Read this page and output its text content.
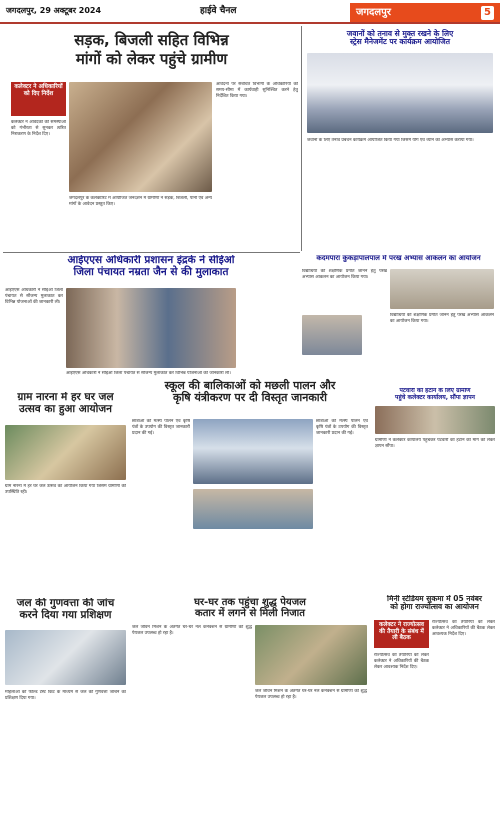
जगदलपुर, 29 अक्टूबर 2024	हाईवे चैनल	जगदलपुर	5
सड़क, बिजली सहित विभिन्न
मांगों को लेकर पहुंचे ग्रामीण
कलेक्टर ने अधिकारियों को दिए निर्देश
कलेक्टर ने आवेदकों की समस्याओं को गंभीरता से सुनकर त्वरित निराकरण के निर्देश दिए।
जगदलपुर के कलेक्टोरेट में आयोजित जनदर्शन में ग्रामीणों ने सड़क, बिजली, पानी एवं अन्य मांगों के आवेदन प्रस्तुत किए।
आवेदनों पर संबंधित विभागों के अधिकारियों को समय-सीमा में कार्यवाही सुनिश्चित करने हेतु निर्देशित किया गया।
जवानों को तनाव से मुक्त रखने के लिए
स्ट्रेस मैनेजमेंट पर कार्यक्रम आयोजित
जवानों के लिए तनाव प्रबंधन कार्यक्रम आयोजित किया गया जिसमें योग एवं ध्यान का अभ्यास कराया गया।
आईएएस अधिकारी प्रशासन इंद्रके ने सीईओ
जिला पंचायत नम्रता जैन से की मुलाकात
आईएएस अधिकारी ने सीईओ जिला पंचायत से सौजन्य मुलाकात कर विभिन्न योजनाओं की जानकारी ली।
आईएएस अधिकारी ने सीईओ जिला पंचायत से सौजन्य मुलाकात कर विभिन्न योजनाओं की जानकारी ली।
कदमपारा कुकड़ापालपाल में परख अभ्यास आकलन का आयोजन
विद्यार्थियों की शैक्षणिक प्रगति जानने हेतु परख अभ्यास आकलन का आयोजन किया गया।
विद्यार्थियों की शैक्षणिक प्रगति जानने हेतु परख अभ्यास आकलन का आयोजन किया गया।
ग्राम नारना में हर घर जल
उत्सव का हुआ आयोजन
ग्राम नारना में हर घर जल उत्सव का आयोजन किया गया जिसमें ग्रामीणों की उपस्थिति रही।
स्कूल की बालिकाओं को मछली पालन और
कृषि यंत्रीकरण पर दी विस्तृत जानकारी
छात्राओं को मत्स्य पालन एवं कृषि यंत्रों के उपयोग की विस्तृत जानकारी प्रदान की गई।
छात्राओं को मत्स्य पालन एवं कृषि यंत्रों के उपयोग की विस्तृत जानकारी प्रदान की गई।
पटवारी को हटाने के लिए ग्रामीण
पहुंचे कलेक्टर कार्यालय, सौंपा ज्ञापन
ग्रामीणों ने कलेक्टर कार्यालय पहुंचकर पटवारी को हटाने की मांग को लेकर ज्ञापन सौंपा।
जल की गुणवत्ता की जांच
करने दिया गया प्रशिक्षण
महिलाओं को फील्ड टेस्ट किट के माध्यम से जल की गुणवत्ता जांचने का प्रशिक्षण दिया गया।
घर-घर तक पहुंचा शुद्ध पेयजल
कतार में लगने से मिली निजात
जल जीवन मिशन के अंतर्गत घर-घर नल कनेक्शन से ग्रामीणों को शुद्ध पेयजल उपलब्ध हो रहा है।
जल जीवन मिशन के अंतर्गत घर-घर नल कनेक्शन से ग्रामीणों को शुद्ध पेयजल उपलब्ध हो रहा है।
मिनी स्टेडियम सुकमा में 05 नवंबर
को होगा राज्योत्सव का आयोजन
कलेक्टर ने राज्योत्सव की तैयारी के संबंध में ली बैठक
राज्योत्सव की तैयारियों को लेकर कलेक्टर ने अधिकारियों की बैठक लेकर आवश्यक निर्देश दिए।
राज्योत्सव की तैयारियों को लेकर कलेक्टर ने अधिकारियों की बैठक लेकर आवश्यक निर्देश दिए।
